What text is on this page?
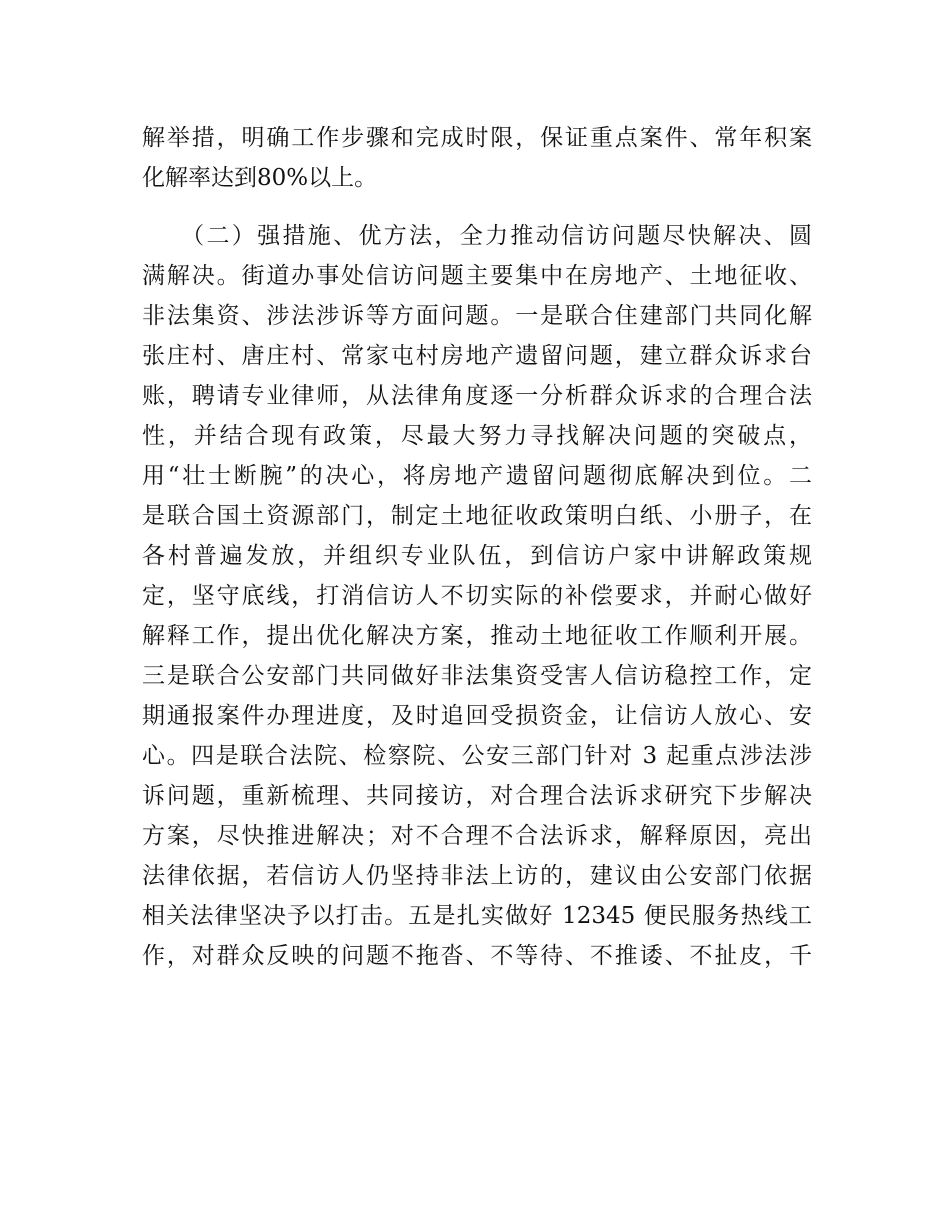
解举措，明确工作步骤和完成时限，保证重点案件、常年积案
化解率达到80%以上。
　　（二）强措施、优方法，全力推动信访问题尽快解决、圆
满解决。街道办事处信访问题主要集中在房地产、土地征收、
非法集资、涉法涉诉等方面问题。一是联合住建部门共同化解
张庄村、唐庄村、常家屯村房地产遗留问题，建立群众诉求台
账，聘请专业律师，从法律角度逐一分析群众诉求的合理合法
性，并结合现有政策，尽最大努力寻找解决问题的突破点，
用“壮士断腕”的决心，将房地产遗留问题彻底解决到位。二
是联合国土资源部门，制定土地征收政策明白纸、小册子，在
各村普遍发放，并组织专业队伍，到信访户家中讲解政策规
定，坚守底线，打消信访人不切实际的补偿要求，并耐心做好
解释工作，提出优化解决方案，推动土地征收工作顺利开展。
三是联合公安部门共同做好非法集资受害人信访稳控工作，定
期通报案件办理进度，及时追回受损资金，让信访人放心、安
心。四是联合法院、检察院、公安三部门针对 3 起重点涉法涉
诉问题，重新梳理、共同接访，对合理合法诉求研究下步解决
方案，尽快推进解决；对不合理不合法诉求，解释原因，亮出
法律依据，若信访人仍坚持非法上访的，建议由公安部门依据
相关法律坚决予以打击。五是扎实做好 12345 便民服务热线工
作，对群众反映的问题不拖沓、不等待、不推诿、不扯皮，千
